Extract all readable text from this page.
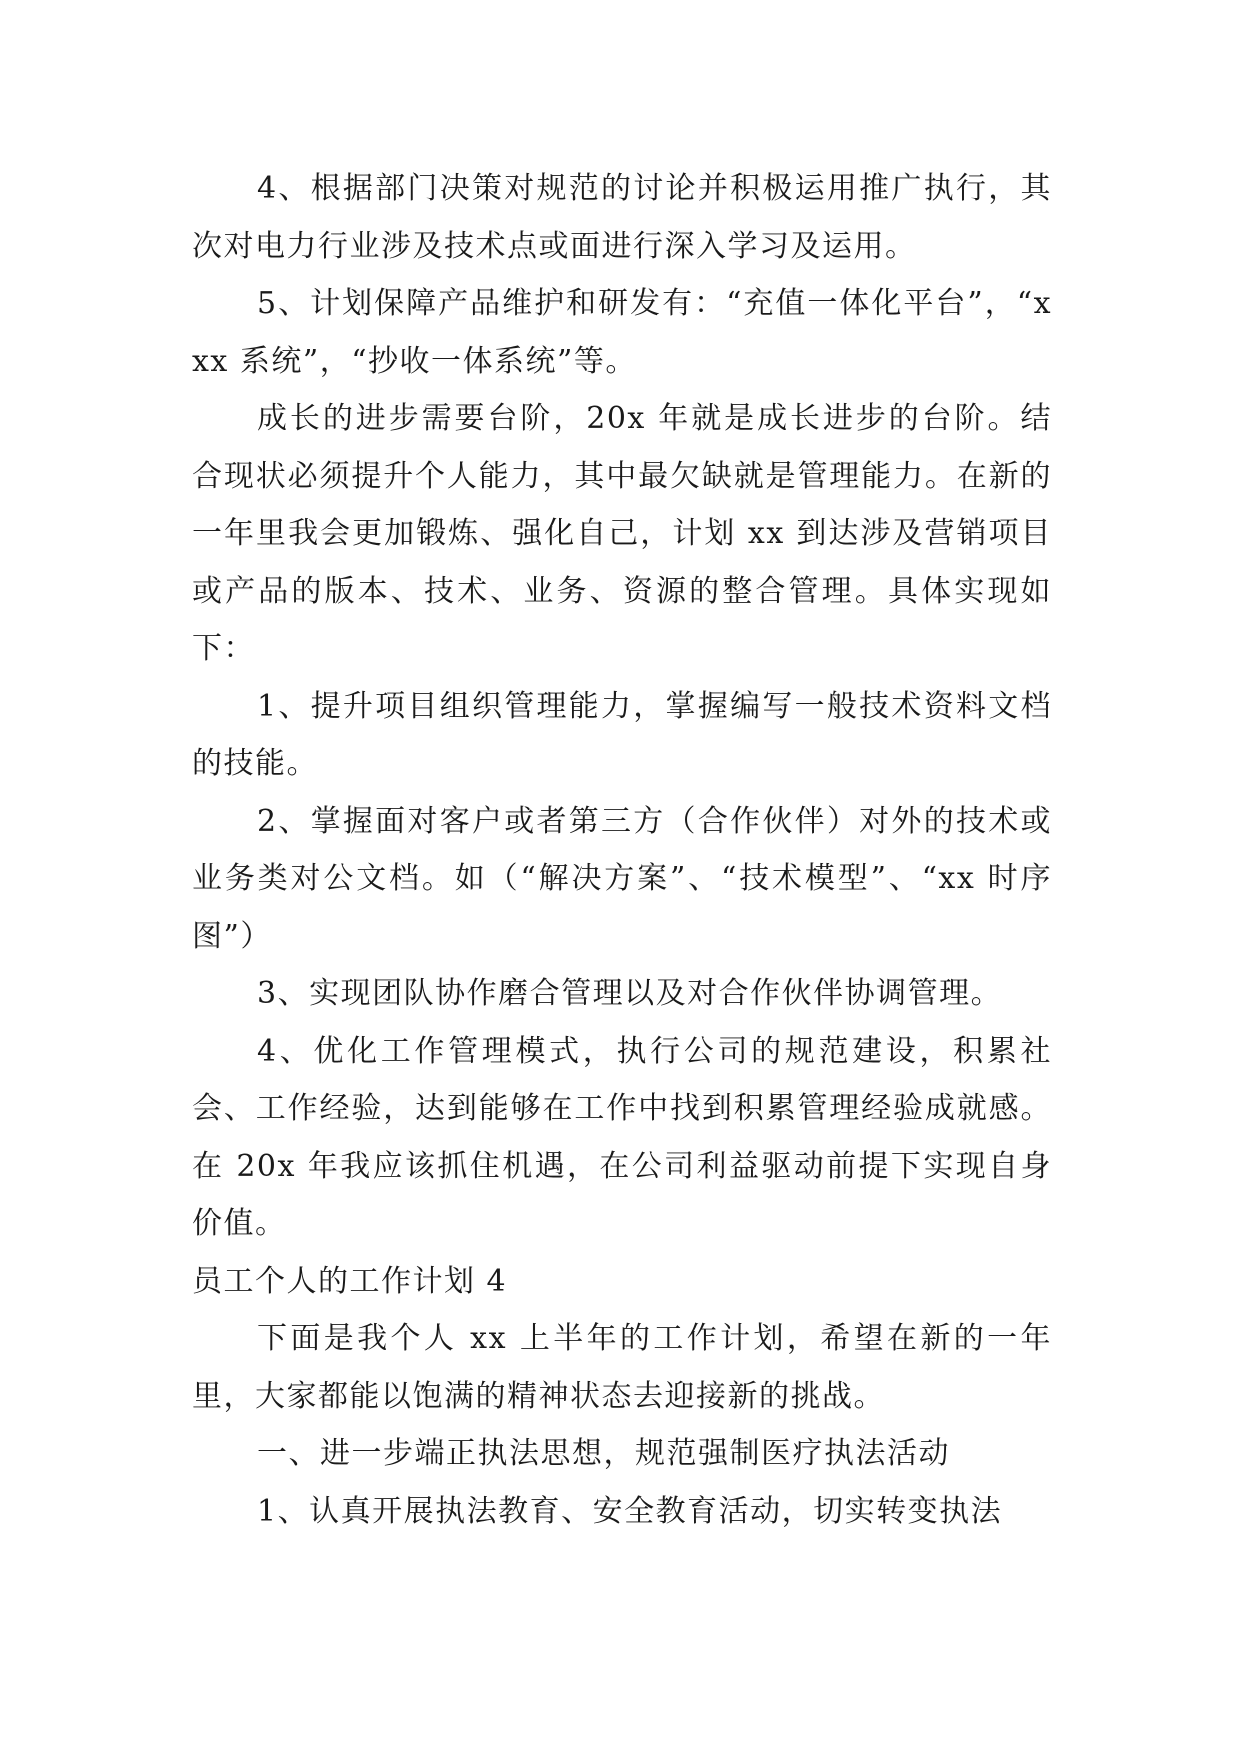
4、根据部门决策对规范的讨论并积极运用推广执行，其次对电力行业涉及技术点或面进行深入学习及运用。

5、计划保障产品维护和研发有：“充值一体化平台”，“xxx 系统”，“抄收一体系统”等。

成长的进步需要台阶，20x 年就是成长进步的台阶。结合现状必须提升个人能力，其中最欠缺就是管理能力。在新的一年里我会更加锻炼、强化自己，计划 xx 到达涉及营销项目或产品的版本、技术、业务、资源的整合管理。具体实现如下：

1、提升项目组织管理能力，掌握编写一般技术资料文档的技能。

2、掌握面对客户或者第三方（合作伙伴）对外的技术或业务类对公文档。如（“解决方案”、“技术模型”、“xx 时序图”）

3、实现团队协作磨合管理以及对合作伙伴协调管理。

4、优化工作管理模式，执行公司的规范建设，积累社会、工作经验，达到能够在工作中找到积累管理经验成就感。在 20x 年我应该抓住机遇，在公司利益驱动前提下实现自身价值。

员工个人的工作计划 4

下面是我个人 xx 上半年的工作计划，希望在新的一年里，大家都能以饱满的精神状态去迎接新的挑战。

一、进一步端正执法思想，规范强制医疗执法活动

1、认真开展执法教育、安全教育活动，切实转变执法
